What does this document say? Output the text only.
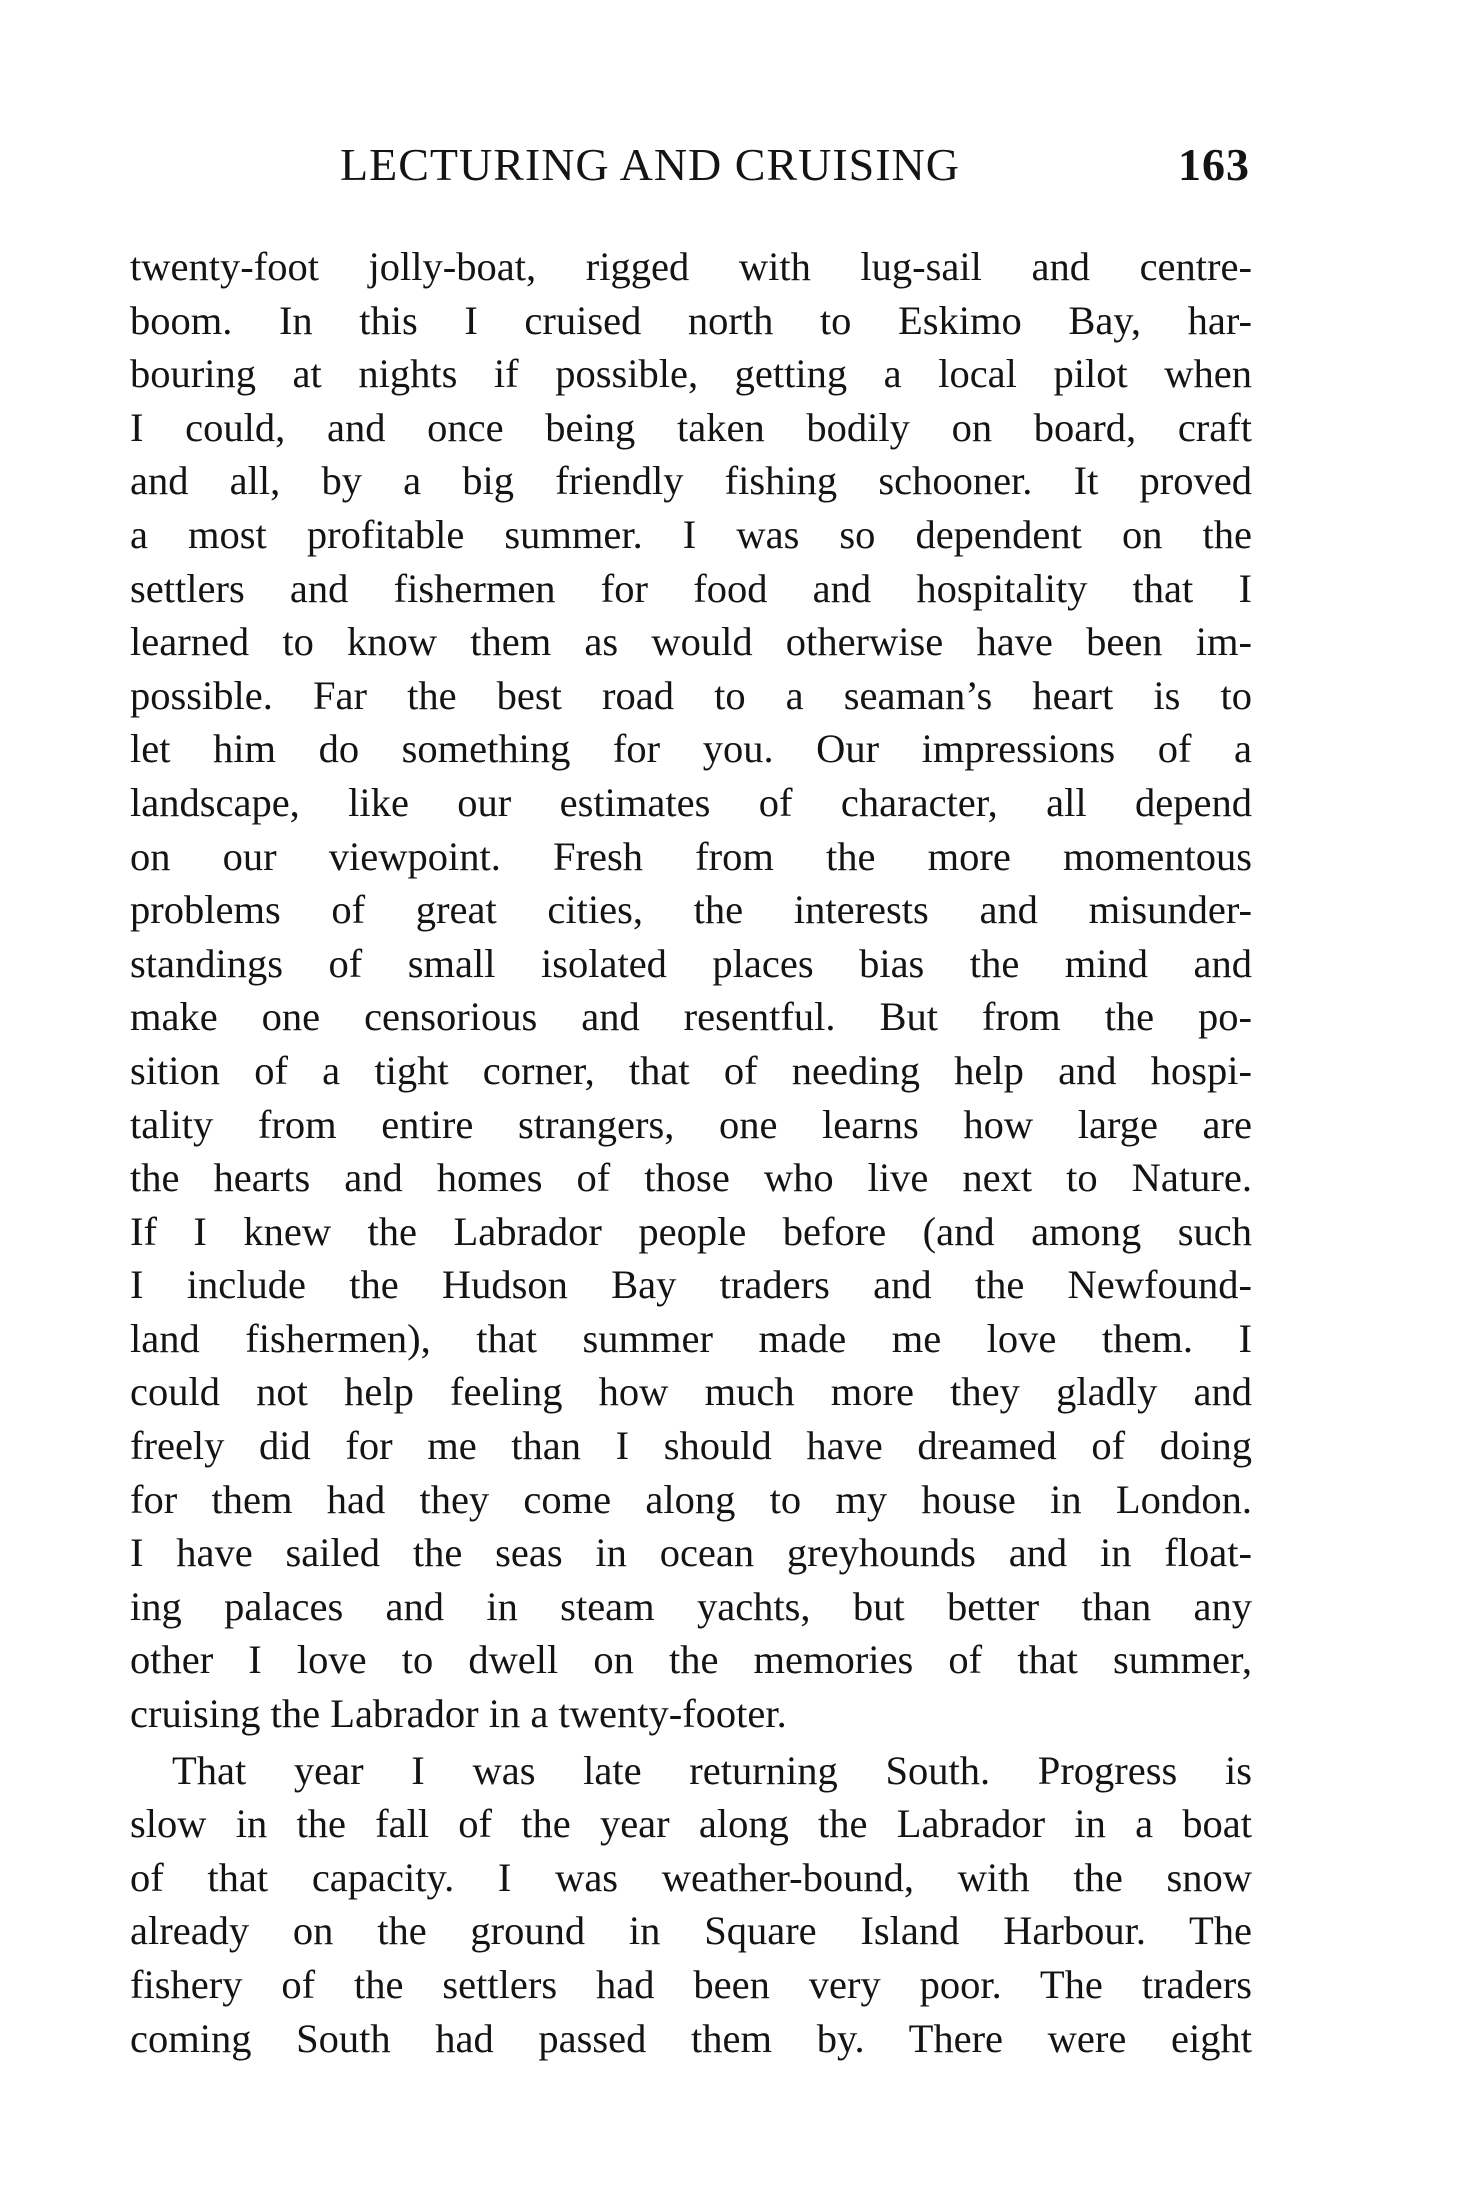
LECTURING AND CRUISING	163
twenty-foot jolly-boat, rigged with lug-sail and centre-
boom. In this I cruised north to Eskimo Bay, har-
bouring at nights if possible, getting a local pilot when
I could, and once being taken bodily on board, craft
and all, by a big friendly fishing schooner. It proved
a most profitable summer. I was so dependent on the
settlers and fishermen for food and hospitality that I
learned to know them as would otherwise have been im-
possible. Far the best road to a seaman’s heart is to
let him do something for you. Our impressions of a
landscape, like our estimates of character, all depend
on our viewpoint. Fresh from the more momentous
problems of great cities, the interests and misunder-
standings of small isolated places bias the mind and
make one censorious and resentful. But from the po-
sition of a tight corner, that of needing help and hospi-
tality from entire strangers, one learns how large are
the hearts and homes of those who live next to Nature.
If I knew the Labrador people before (and among such
I include the Hudson Bay traders and the Newfound-
land fishermen), that summer made me love them. I
could not help feeling how much more they gladly and
freely did for me than I should have dreamed of doing
for them had they come along to my house in London.
I have sailed the seas in ocean greyhounds and in float-
ing palaces and in steam yachts, but better than any
other I love to dwell on the memories of that summer,
cruising the Labrador in a twenty-footer.
That year I was late returning South. Progress is
slow in the fall of the year along the Labrador in a boat
of that capacity. I was weather-bound, with the snow
already on the ground in Square Island Harbour. The
fishery of the settlers had been very poor. The traders
coming South had passed them by. There were eight
